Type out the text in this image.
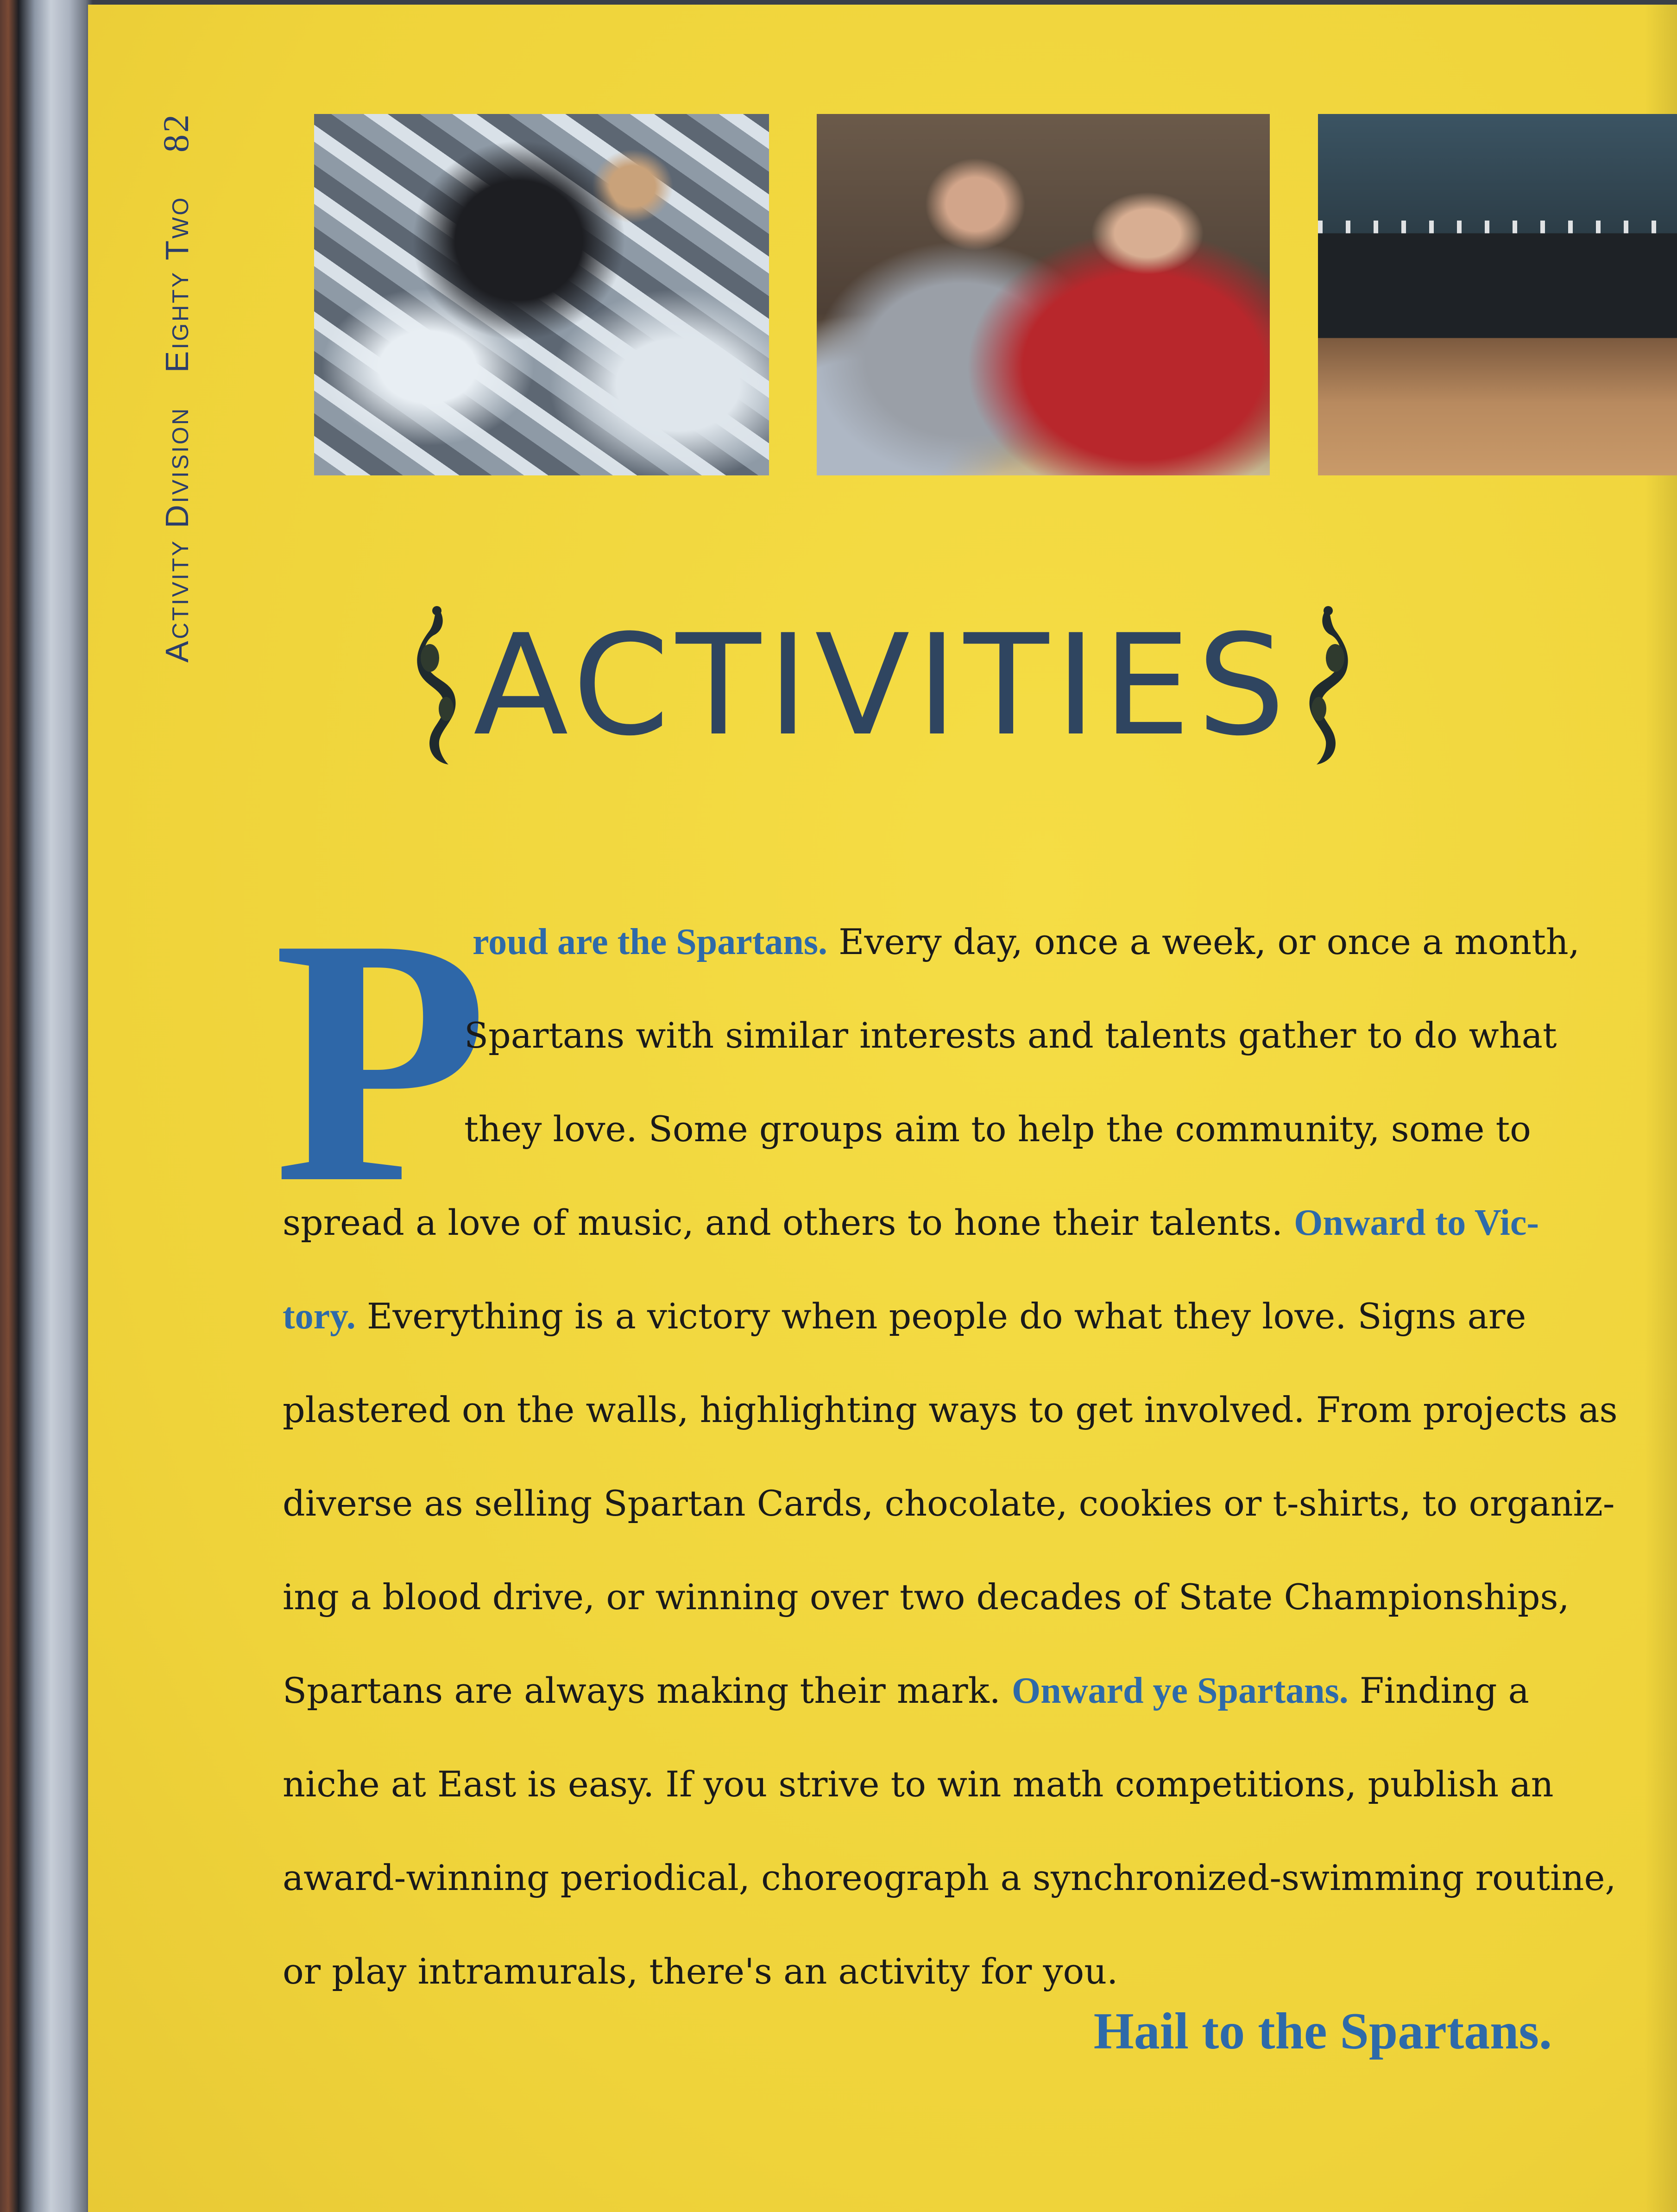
Activity Division Eighty Two 82
ACTIVITIES
P
roud are the Spartans. Every day, once a week, or once a month,
Spartans with similar interests and talents gather to do what
they love. Some groups aim to help the community, some to
spread a love of music, and others to hone their talents. Onward to Vic-
tory. Everything is a victory when people do what they love. Signs are
plastered on the walls, highlighting ways to get involved. From projects as
diverse as selling Spartan Cards, chocolate, cookies or t-shirts, to organiz-
ing a blood drive, or winning over two decades of State Championships,
Spartans are always making their mark. Onward ye Spartans. Finding a
niche at East is easy. If you strive to win math competitions, publish an
award-winning periodical, choreograph a synchronized-swimming routine,
or play intramurals, there's an activity for you.
Hail to the Spartans.
